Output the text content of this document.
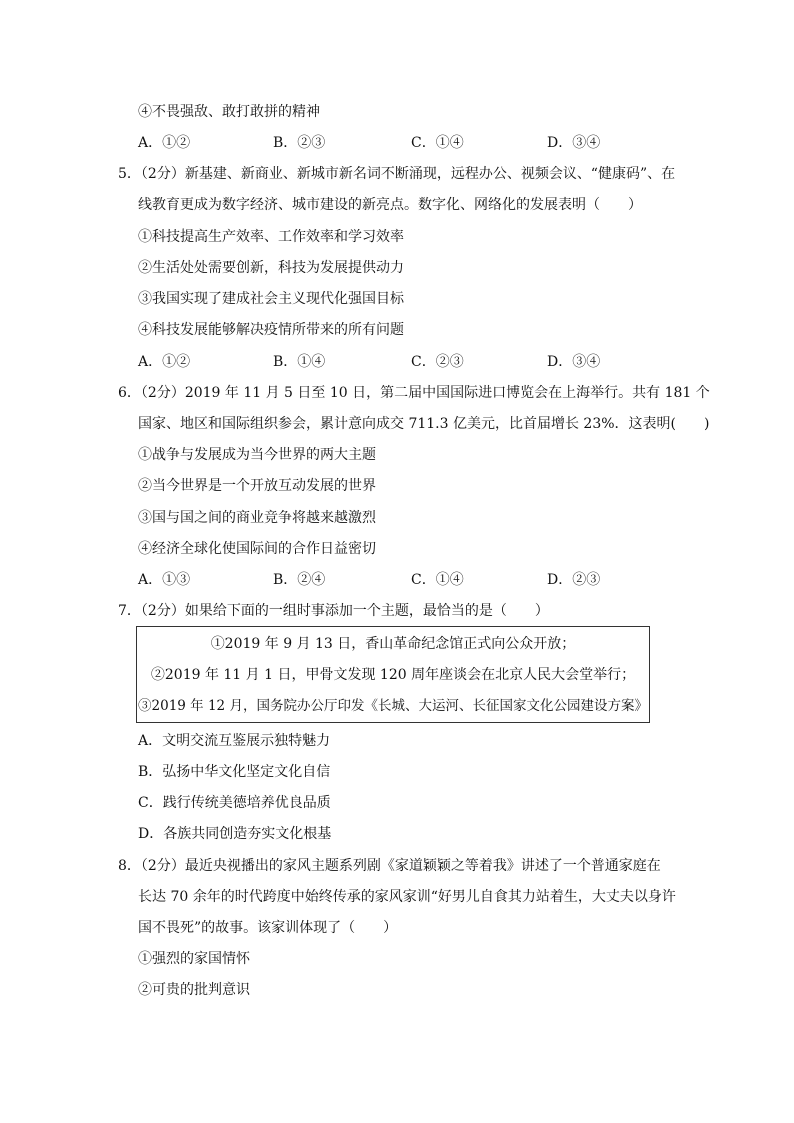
④不畏强敌、敢打敢拼的精神
A．①②	B．②③	C．①④	D．③④
5．（2分）新基建、新商业、新城市新名词不断涌现，远程办公、视频会议、“健康码”、在
线教育更成为数字经济、城市建设的新亮点。数字化、网络化的发展表明（　　）
①科技提高生产效率、工作效率和学习效率
②生活处处需要创新，科技为发展提供动力
③我国实现了建成社会主义现代化强国目标
④科技发展能够解决疫情所带来的所有问题
A．①②	B．①④	C．②③	D．③④
6．（2分）2019 年 11 月 5 日至 10 日，第二届中国国际进口博览会在上海举行。共有 181 个
国家、地区和国际组织参会，累计意向成交 711.3 亿美元，比首届增长 23%．这表明(　　)
①战争与发展成为当今世界的两大主题
②当今世界是一个开放互动发展的世界
③国与国之间的商业竞争将越来越激烈
④经济全球化使国际间的合作日益密切
A．①③	B．②④	C．①④	D．②③
7．（2分）如果给下面的一组时事添加一个主题，最恰当的是（　　）
①2019 年 9 月 13 日，香山革命纪念馆正式向公众开放；
②2019 年 11 月 1 日，甲骨文发现 120 周年座谈会在北京人民大会堂举行；
③2019 年 12 月，国务院办公厅印发《长城、大运河、长征国家文化公园建设方案》
A．文明交流互鉴展示独特魅力
B．弘扬中华文化坚定文化自信
C．践行传统美德培养优良品质
D．各族共同创造夯实文化根基
8．（2分）最近央视播出的家风主题系列剧《家道颖颖之等着我》讲述了一个普通家庭在
长达 70 余年的时代跨度中始终传承的家风家训“好男儿自食其力站着生，大丈夫以身许
国不畏死”的故事。该家训体现了（　　）
①强烈的家国情怀
②可贵的批判意识
